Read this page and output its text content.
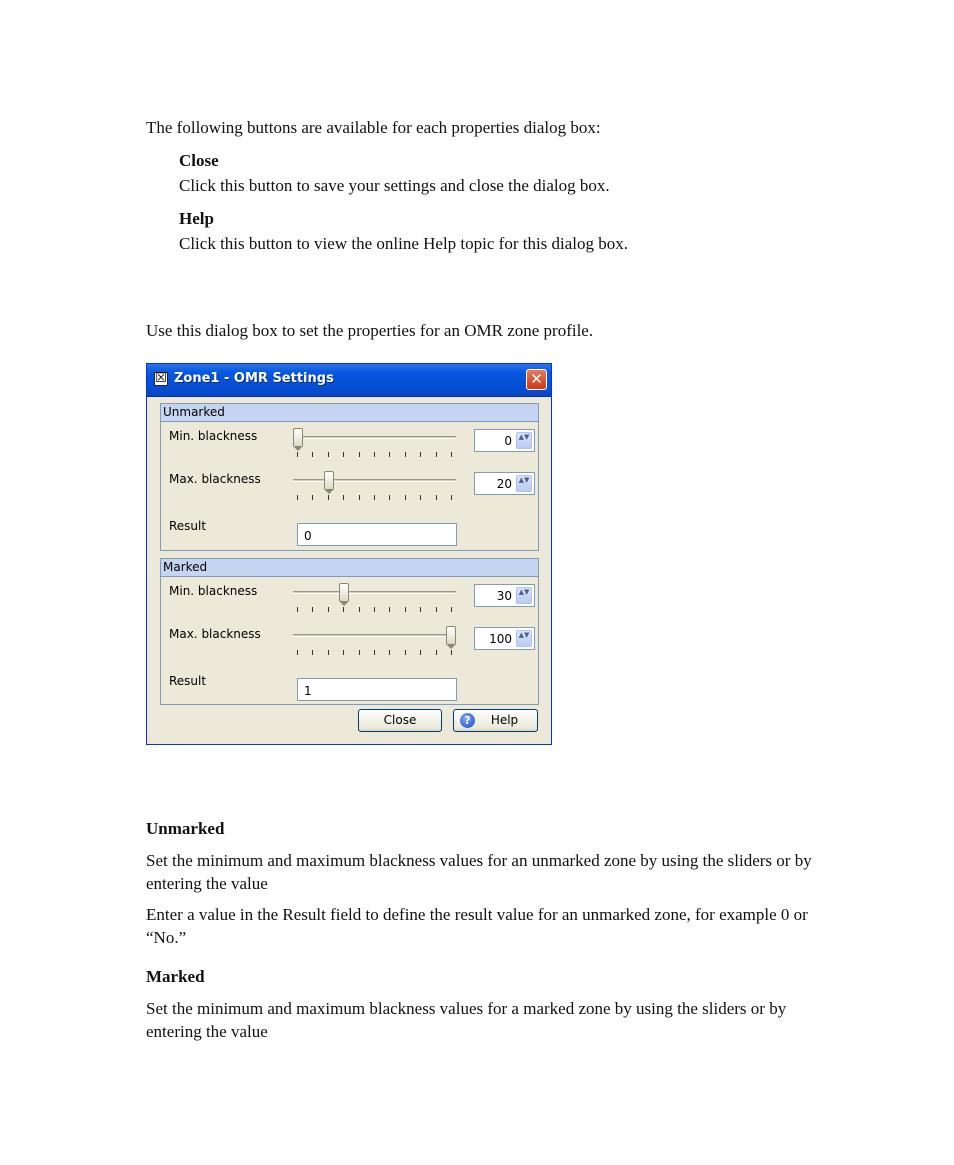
The following buttons are available for each properties dialog box:

Close

Click this button to save your settings and close the dialog box.

Help

Click this button to view the online Help topic for this dialog box.

Use this dialog box to set the properties for an OMR zone profile.

☒ Zone1 - OMR Settings	✕
Unmarked
Min. blackness	0 ▲▼
Max. blackness	20 ▲▼
Result
0
Marked
Min. blackness	30 ▲▼
Max. blackness	100 ▲▼
Result
1
Close	?	Help

Unmarked

Set the minimum and maximum blackness values for an unmarked zone by using the sliders or by entering the value

Enter a value in the Result field to define the result value for an unmarked zone, for example 0 or “No.”

Marked

Set the minimum and maximum blackness values for a marked zone by using the sliders or by entering the value
